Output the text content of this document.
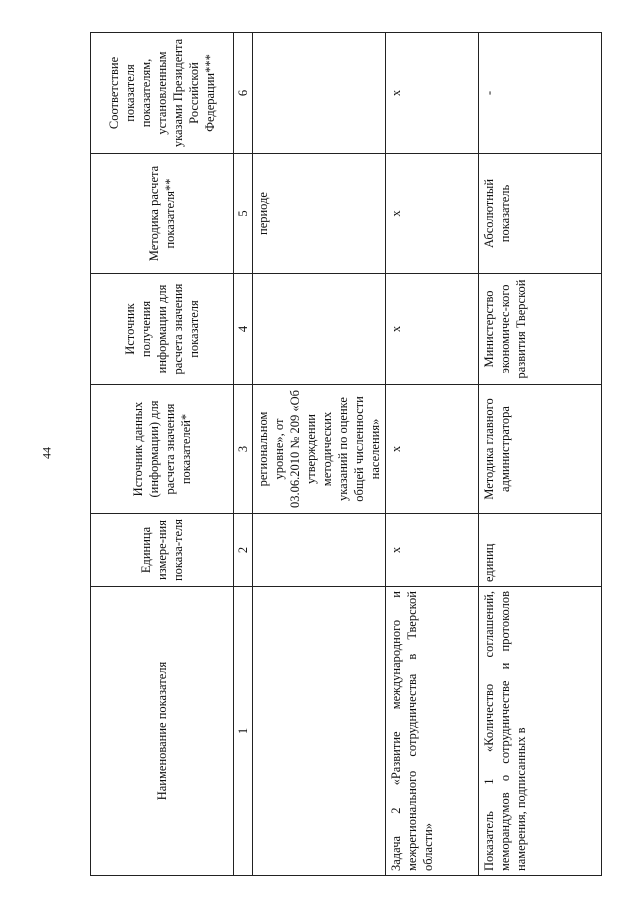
44
Наименование показателя	Единица измере-ния показа-теля	Источник данных (информации) для расчета значения показателей*	Источник получения информации для расчета значения показателя	Методика расчета показателя**	Соответствие показателя показателям, установленным указами Президента Российской Федерации***
1	2	3	4	5	6
		региональном уровне», от 03.06.2010 № 209 «Об утверждении методических указаний по оценке общей численности населения»		периоде	
Задача 2 «Развитие международного и межрегионального сотрудничества в Тверской области»	х	х	х	х	х
Показатель 1 «Количество соглашений, меморандумов о сотрудничестве и протоколов намерения, подписанных в	единиц	Методика главного администратора	Министерство экономичес-кого развития Тверской	Абсолютный показатель	-
